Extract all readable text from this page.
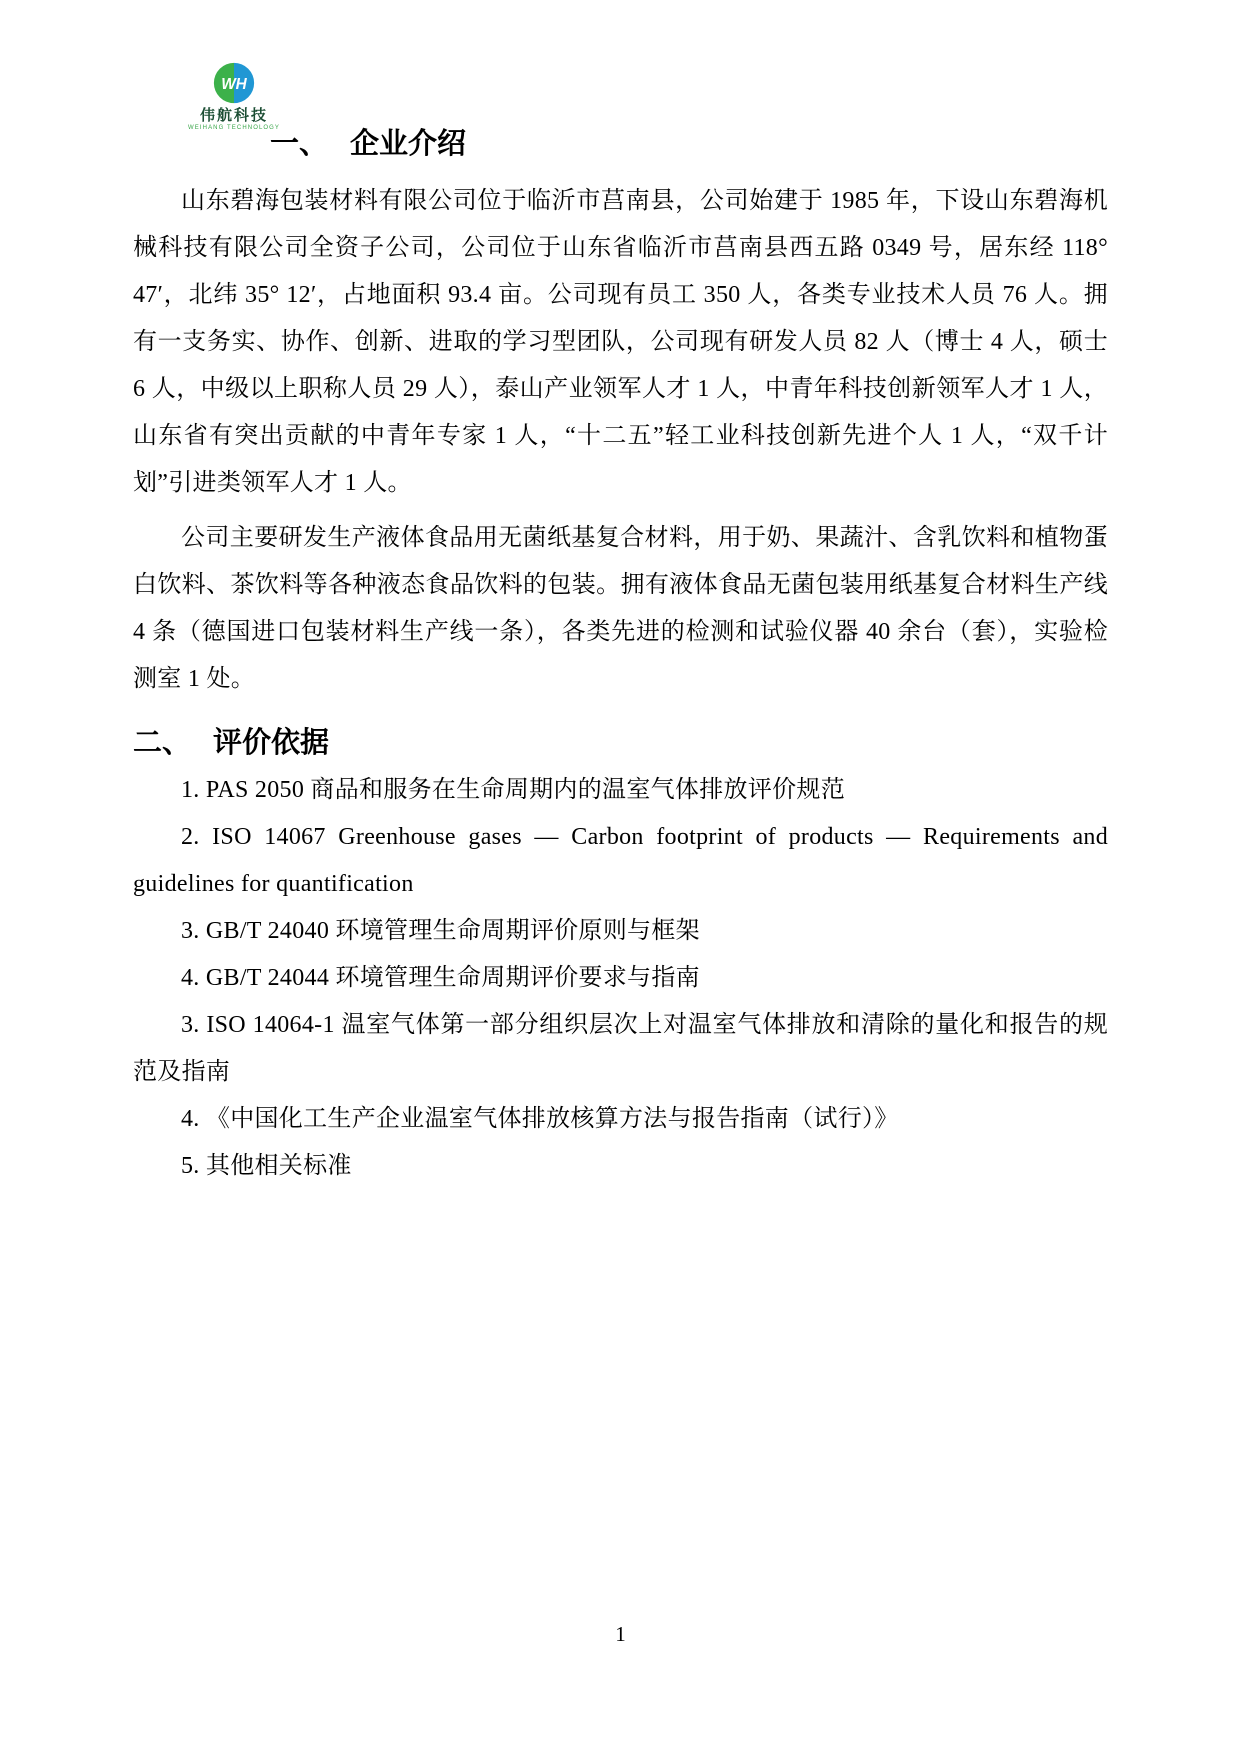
WH
伟航科技
WEIHANG TECHNOLOGY
一、 企业介绍

山东碧海包装材料有限公司位于临沂市莒南县，公司始建于 1985 年，下设山东碧海机械科技有限公司全资子公司，公司位于山东省临沂市莒南县西五路 0349 号，居东经 118° 47′，北纬 35° 12′，占地面积 93.4 亩。公司现有员工 350 人，各类专业技术人员 76 人。拥有一支务实、协作、创新、进取的学习型团队，公司现有研发人员 82 人（博士 4 人，硕士 6 人，中级以上职称人员 29 人），泰山产业领军人才 1 人，中青年科技创新领军人才 1 人，山东省有突出贡献的中青年专家 1 人，“十二五”轻工业科技创新先进个人 1 人，“双千计划”引进类领军人才 1 人。

公司主要研发生产液体食品用无菌纸基复合材料，用于奶、果蔬汁、含乳饮料和植物蛋白饮料、茶饮料等各种液态食品饮料的包装。拥有液体食品无菌包装用纸基复合材料生产线 4 条（德国进口包装材料生产线一条），各类先进的检测和试验仪器 40 余台（套），实验检测室 1 处。

二、 评价依据

1. PAS 2050 商品和服务在生命周期内的温室气体排放评价规范

2. ISO 14067 Greenhouse gases — Carbon footprint of products — Requirements and guidelines for quantification

3. GB/T 24040 环境管理生命周期评价原则与框架

4. GB/T 24044 环境管理生命周期评价要求与指南

3. ISO 14064-1 温室气体第一部分组织层次上对温室气体排放和清除的量化和报告的规范及指南

4. 《中国化工生产企业温室气体排放核算方法与报告指南（试行）》

5. 其他相关标准

1
